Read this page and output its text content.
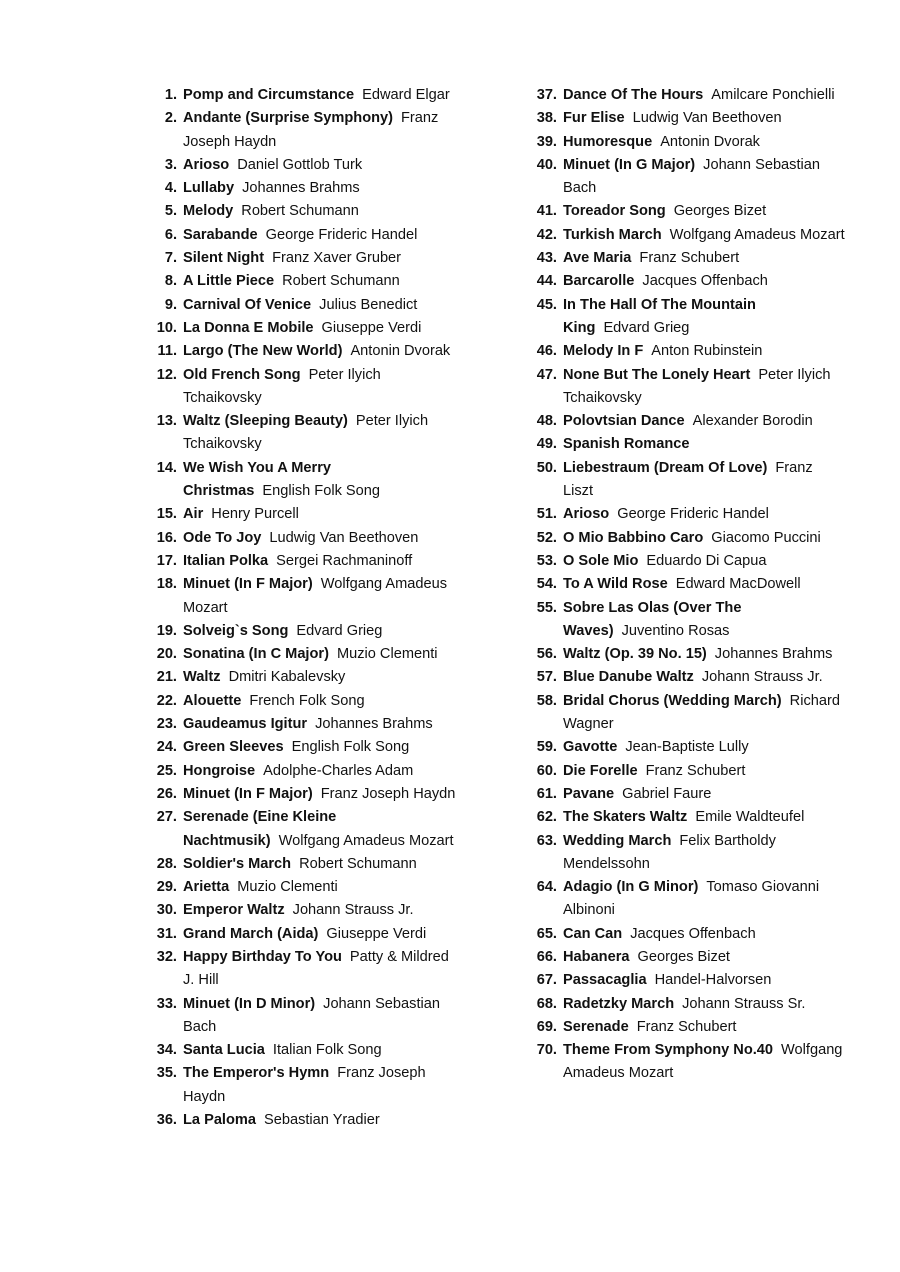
1. Pomp and Circumstance Edward Elgar
2. Andante (Surprise Symphony) Franz Joseph Haydn
3. Arioso Daniel Gottlob Turk
4. Lullaby Johannes Brahms
5. Melody Robert Schumann
6. Sarabande George Frideric Handel
7. Silent Night Franz Xaver Gruber
8. A Little Piece Robert Schumann
9. Carnival Of Venice Julius Benedict
10. La Donna E Mobile Giuseppe Verdi
11. Largo (The New World) Antonin Dvorak
12. Old French Song Peter Ilyich Tchaikovsky
13. Waltz (Sleeping Beauty) Peter Ilyich Tchaikovsky
14. We Wish You A Merry Christmas English Folk Song
15. Air Henry Purcell
16. Ode To Joy Ludwig Van Beethoven
17. Italian Polka Sergei Rachmaninoff
18. Minuet (In F Major) Wolfgang Amadeus Mozart
19. Solveig`s Song Edvard Grieg
20. Sonatina (In C Major) Muzio Clementi
21. Waltz Dmitri Kabalevsky
22. Alouette French Folk Song
23. Gaudeamus Igitur Johannes Brahms
24. Green Sleeves English Folk Song
25. Hongroise Adolphe-Charles Adam
26. Minuet (In F Major) Franz Joseph Haydn
27. Serenade (Eine Kleine Nachtmusik) Wolfgang Amadeus Mozart
28. Soldier's March Robert Schumann
29. Arietta Muzio Clementi
30. Emperor Waltz Johann Strauss Jr.
31. Grand March (Aida) Giuseppe Verdi
32. Happy Birthday To You Patty & Mildred J. Hill
33. Minuet (In D Minor) Johann Sebastian Bach
34. Santa Lucia Italian Folk Song
35. The Emperor's Hymn Franz Joseph Haydn
36. La Paloma Sebastian Yradier
37. Dance Of The Hours Amilcare Ponchielli
38. Fur Elise Ludwig Van Beethoven
39. Humoresque Antonin Dvorak
40. Minuet (In G Major) Johann Sebastian Bach
41. Toreador Song Georges Bizet
42. Turkish March Wolfgang Amadeus Mozart
43. Ave Maria Franz Schubert
44. Barcarolle Jacques Offenbach
45. In The Hall Of The Mountain King Edvard Grieg
46. Melody In F Anton Rubinstein
47. None But The Lonely Heart Peter Ilyich Tchaikovsky
48. Polovtsian Dance Alexander Borodin
49. Spanish Romance
50. Liebestraum (Dream Of Love) Franz Liszt
51. Arioso George Frideric Handel
52. O Mio Babbino Caro Giacomo Puccini
53. O Sole Mio Eduardo Di Capua
54. To A Wild Rose Edward MacDowell
55. Sobre Las Olas (Over The Waves) Juventino Rosas
56. Waltz (Op. 39 No. 15) Johannes Brahms
57. Blue Danube Waltz Johann Strauss Jr.
58. Bridal Chorus (Wedding March) Richard Wagner
59. Gavotte Jean-Baptiste Lully
60. Die Forelle Franz Schubert
61. Pavane Gabriel Faure
62. The Skaters Waltz Emile Waldteufel
63. Wedding March Felix Bartholdy Mendelssohn
64. Adagio (In G Minor) Tomaso Giovanni Albinoni
65. Can Can Jacques Offenbach
66. Habanera Georges Bizet
67. Passacaglia Handel-Halvorsen
68. Radetzky March Johann Strauss Sr.
69. Serenade Franz Schubert
70. Theme From Symphony No.40 Wolfgang Amadeus Mozart
